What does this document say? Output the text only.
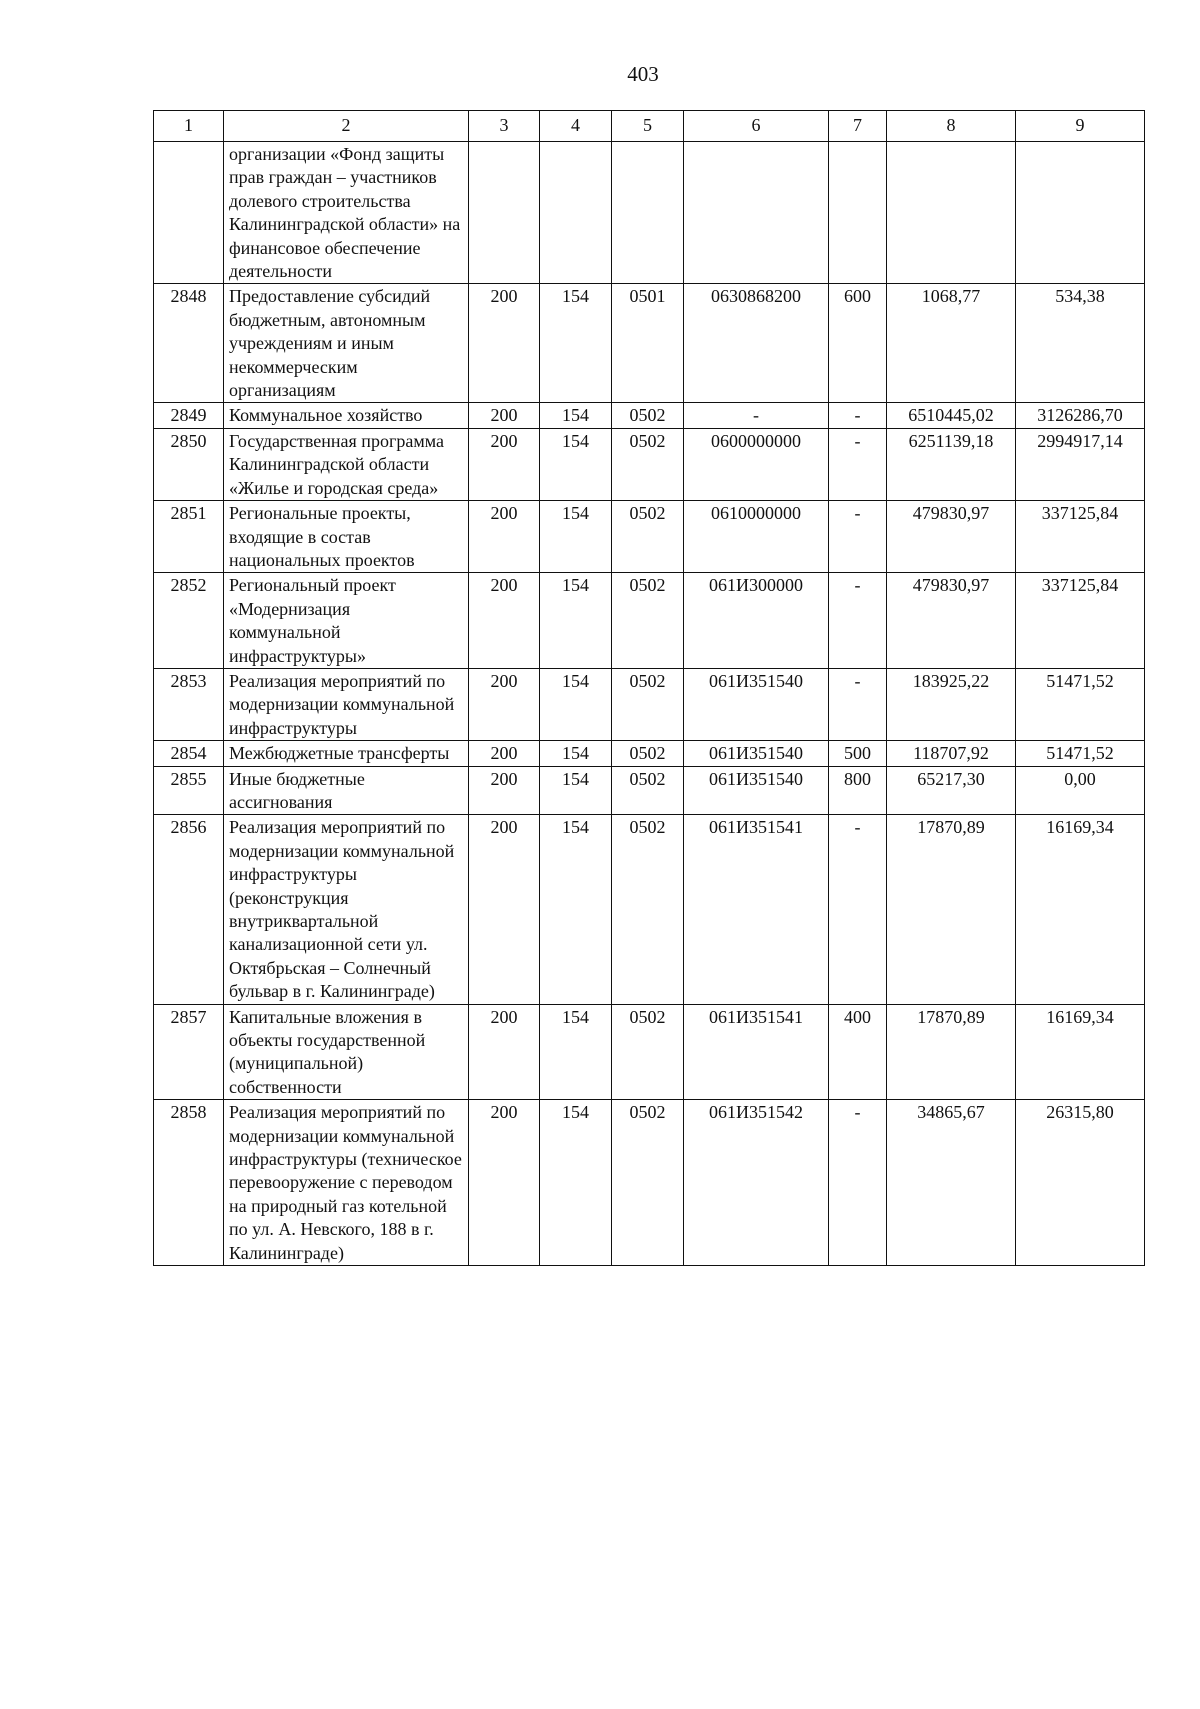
403
1	2	3	4	5	6	7	8	9
	организации «Фонд защиты прав граждан – участников долевого строительства Калининградской области» на финансовое обеспечение деятельности							
2848	Предоставление субсидий бюджетным, автономным учреждениям и иным некоммерческим организациям	200	154	0501	0630868200	600	1068,77	534,38
2849	Коммунальное хозяйство	200	154	0502	-	-	6510445,02	3126286,70
2850	Государственная программа Калининградской области «Жилье и городская среда»	200	154	0502	0600000000	-	6251139,18	2994917,14
2851	Региональные проекты, входящие в состав национальных проектов	200	154	0502	0610000000	-	479830,97	337125,84
2852	Региональный проект «Модернизация коммунальной инфраструктуры»	200	154	0502	061И300000	-	479830,97	337125,84
2853	Реализация мероприятий по модернизации коммунальной инфраструктуры	200	154	0502	061И351540	-	183925,22	51471,52
2854	Межбюджетные трансферты	200	154	0502	061И351540	500	118707,92	51471,52
2855	Иные бюджетные ассигнования	200	154	0502	061И351540	800	65217,30	0,00
2856	Реализация мероприятий по модернизации коммунальной инфраструктуры (реконструкция внутриквартальной канализационной сети ул. Октябрьская – Солнечный бульвар в г. Калининграде)	200	154	0502	061И351541	-	17870,89	16169,34
2857	Капитальные вложения в объекты государственной (муниципальной) собственности	200	154	0502	061И351541	400	17870,89	16169,34
2858	Реализация мероприятий по модернизации коммунальной инфраструктуры (техническое перевооружение с переводом на природный газ котельной по ул. А. Невского, 188 в г. Калининграде)	200	154	0502	061И351542	-	34865,67	26315,80
